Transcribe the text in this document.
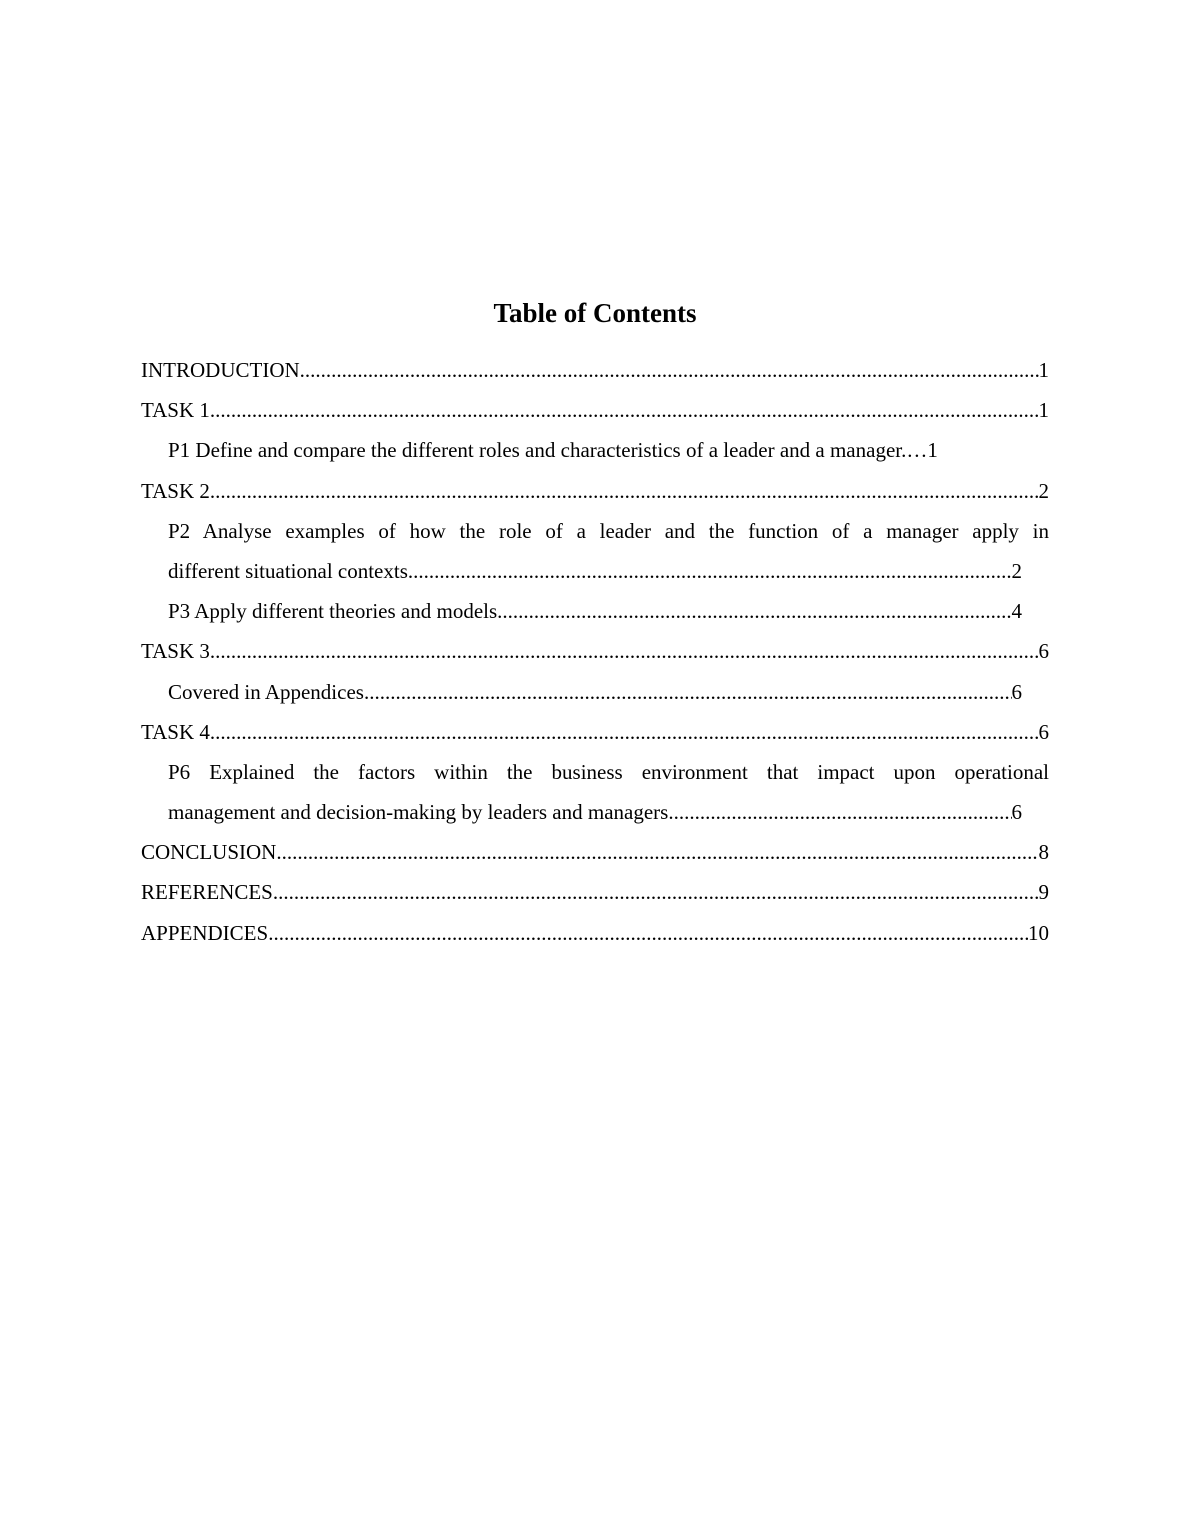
Table of Contents
INTRODUCTION .....	1
TASK 1 .....	1
P1 Define and compare the different roles and characteristics of a leader and a manager. …1
TASK 2 .....	2
P2 Analyse examples of how the role of a leader and the function of a manager apply in
different situational contexts .....	2
P3 Apply different theories and models .....	4
TASK 3 .....	6
Covered in Appendices .....	6
TASK 4 .....	6
P6 Explained the factors within the business environment that impact upon operational
management and decision-making by leaders and managers .....	6
CONCLUSION .....	8
REFERENCES .....	9
APPENDICES .....	10
